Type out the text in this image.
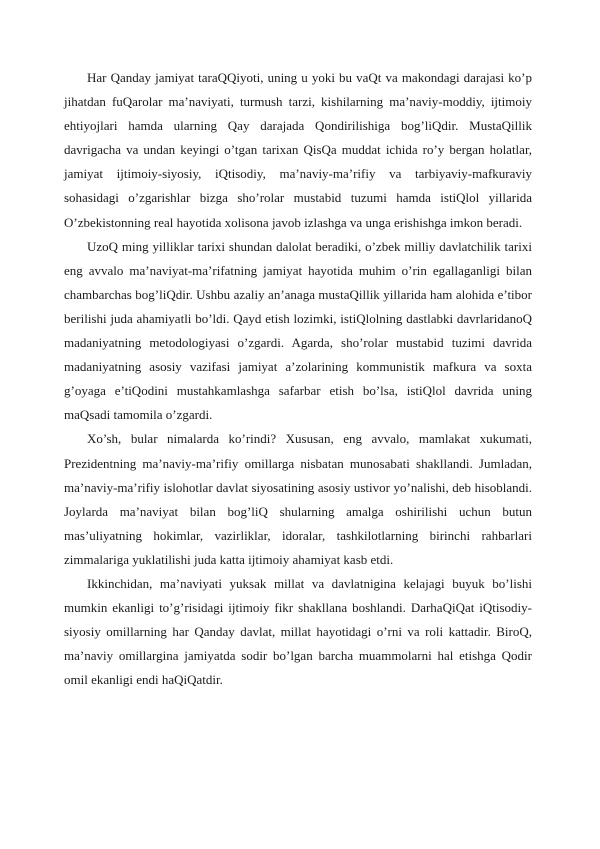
Har Qanday jamiyat taraQQiyoti, uning u yoki bu vaQt va makondagi darajasi ko’p jihatdan fuQarolar ma’naviyati, turmush tarzi, kishilarning ma’naviy-moddiy, ijtimoiy ehtiyojlari hamda ularning Qay darajada Qondirilishiga bog’liQdir. MustaQillik davrigacha va undan keyingi o’tgan tarixan QisQa muddat ichida ro’y bergan holatlar, jamiyat ijtimoiy-siyosiy, iQtisodiy, ma’naviy-ma’rifiy va tarbiyaviy-mafkuraviy sohasidagi o’zgarishlar bizga sho’rolar mustabid tuzumi hamda istiQlol yillarida O’zbekistonning real hayotida xolisona javob izlashga va unga erishishga imkon beradi.

UzoQ ming yilliklar tarixi shundan dalolat beradiki, o’zbek milliy davlatchilik tarixi eng avvalo ma’naviyat-ma’rifatning jamiyat hayotida muhim o’rin egallaganligi bilan chambarchas bog’liQdir. Ushbu azaliy an’anaga mustaQillik yillarida ham alohida e’tibor berilishi juda ahamiyatli bo’ldi. Qayd etish lozimki, istiQlolning dastlabki davrlaridanoQ madaniyatning metodologiyasi o’zgardi. Agarda, sho’rolar mustabid tuzimi davrida madaniyatning asosiy vazifasi jamiyat a’zolarining kommunistik mafkura va soxta g’oyaga e’tiQodini mustahkamlashga safarbar etish bo’lsa, istiQlol davrida uning maQsadi tamomila o’zgardi.

Xo’sh, bular nimalarda ko’rindi? Xususan, eng avvalo, mamlakat xukumati, Prezidentning ma’naviy-ma’rifiy omillarga nisbatan munosabati shakllandi. Jumladan, ma’naviy-ma’rifiy islohotlar davlat siyosatining asosiy ustivor yo’nalishi, deb hisoblandi. Joylarda ma’naviyat bilan bog’liQ shularning amalga oshirilishi uchun butun mas’uliyatning hokimlar, vazirliklar, idoralar, tashkilotlarning birinchi rahbarlari zimmalariga yuklatilishi juda katta ijtimoiy ahamiyat kasb etdi.

Ikkinchidan, ma’naviyati yuksak millat va davlatnigina kelajagi buyuk bo’lishi mumkin ekanligi to’g’risidagi ijtimoiy fikr shakllana boshlandi. DarhaQiQat iQtisodiy-siyosiy omillarning har Qanday davlat, millat hayotidagi o’rni va roli kattadir. BiroQ, ma’naviy omillargina jamiyatda sodir bo’lgan barcha muammolarni hal etishga Qodir omil ekanligi endi haQiQatdir.
